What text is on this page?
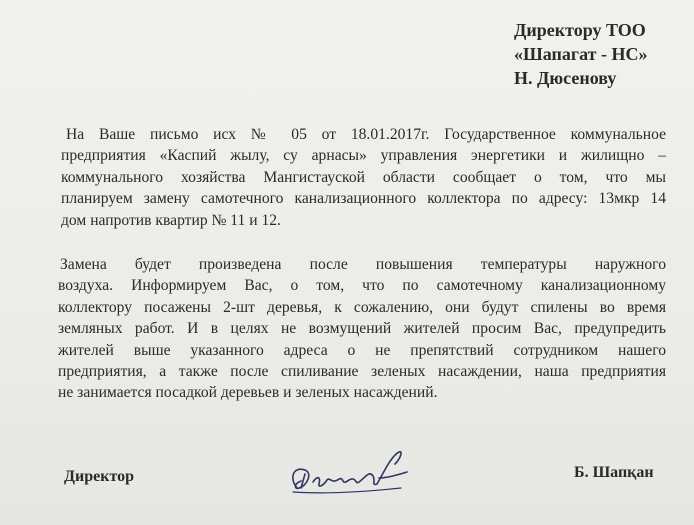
Директору ТОО
«Шапагат - НС»
Н. Дюсенову
На Ваше письмо исх № 05 от 18.01.2017г. Государственное коммунальное
предприятия «Каспий жылу, су арнасы» управления энергетики и жилищно –
коммунального хозяйства Мангистауской области сообщает о том, что мы
планируем замену самотечного канализационного коллектора по адресу: 13мкр 14
дом напротив квартир № 11 и 12.
Замена будет произведена после повышения температуры наружного
воздуха. Информируем Вас, о том, что по самотечному канализационному
коллектору посажены 2-шт деревья, к сожалению, они будут спилены во время
земляных работ. И в целях не возмущений жителей просим Вас, предупредить
жителей выше указанного адреса о не препятствий сотрудником нашего
предприятия, а также после спиливание зеленых насаждении, наша предприятия
не занимается посадкой деревьев и зеленых насаждений.
Директор	Б. Шапқан
